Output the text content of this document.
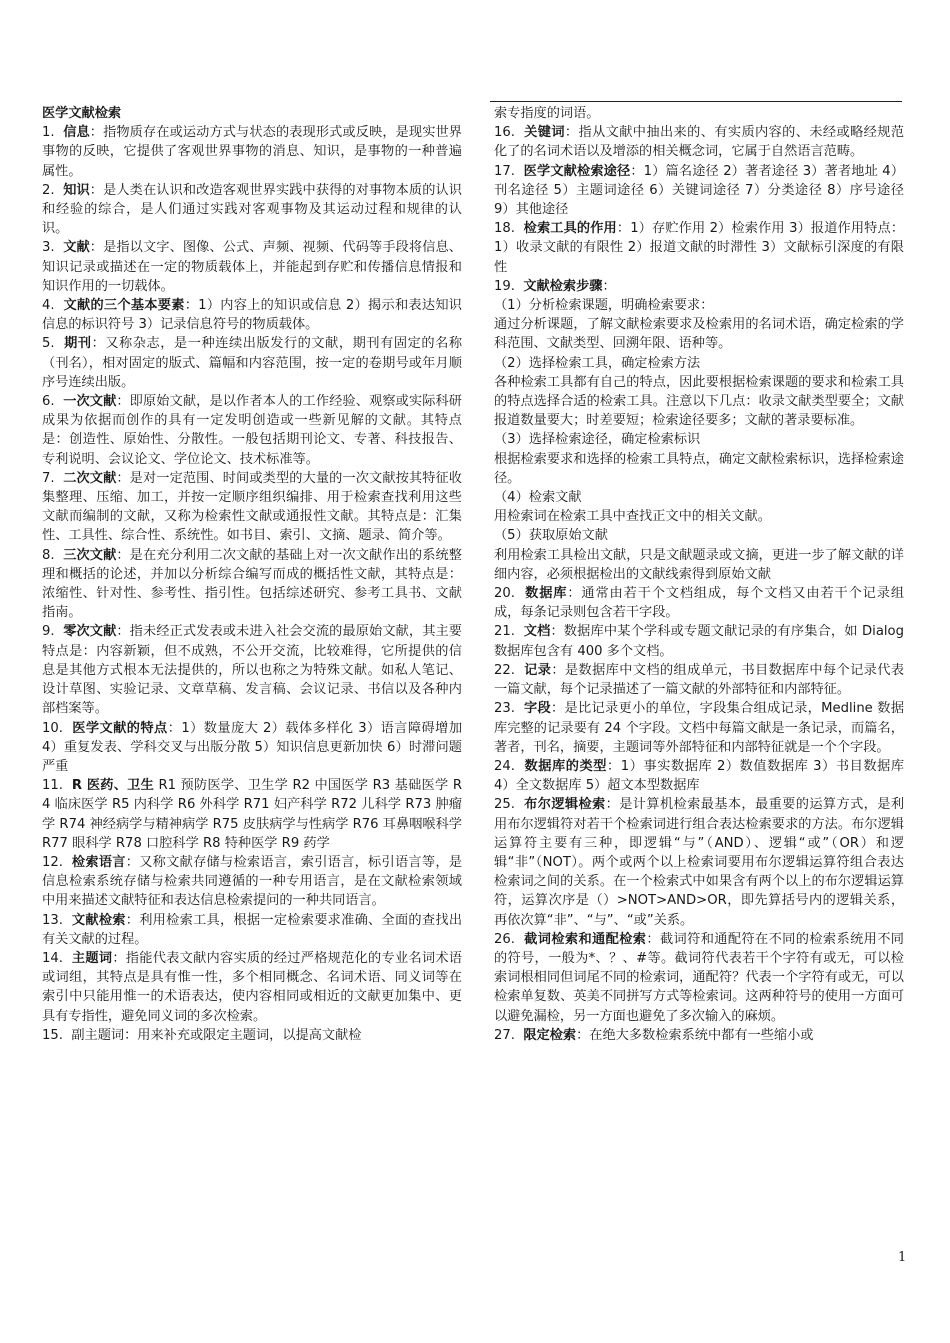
医学文献检索

1. 信息：指物质存在或运动方式与状态的表现形式或反映，是现实世界事物的反映，它提供了客观世界事物的消息、知识，是事物的一种普遍属性。

2. 知识：是人类在认识和改造客观世界实践中获得的对事物本质的认识和经验的综合，是人们通过实践对客观事物及其运动过程和规律的认识。

3. 文献：是指以文字、图像、公式、声频、视频、代码等手段将信息、知识记录或描述在一定的物质载体上，并能起到存贮和传播信息情报和知识作用的一切载体。

4. 文献的三个基本要素：1）内容上的知识或信息 2）揭示和表达知识信息的标识符号 3）记录信息符号的物质载体。

5. 期刊：又称杂志，是一种连续出版发行的文献，期刊有固定的名称（刊名），相对固定的版式、篇幅和内容范围，按一定的卷期号或年月顺序号连续出版。

6. 一次文献：即原始文献，是以作者本人的工作经验、观察或实际科研成果为依据而创作的具有一定发明创造或一些新见解的文献。其特点是：创造性、原始性、分散性。一般包括期刊论文、专著、科技报告、专利说明、会议论文、学位论文、技术标准等。

7. 二次文献：是对一定范围、时间或类型的大量的一次文献按其特征收集整理、压缩、加工，并按一定顺序组织编排、用于检索查找利用这些文献而编制的文献，又称为检索性文献或通报性文献。其特点是：汇集性、工具性、综合性、系统性。如书目、索引、文摘、题录、简介等。

8. 三次文献：是在充分利用二次文献的基础上对一次文献作出的系统整理和概括的论述，并加以分析综合编写而成的概括性文献，其特点是：浓缩性、针对性、参考性、指引性。包括综述研究、参考工具书、文献指南。

9. 零次文献：指未经正式发表或未进入社会交流的最原始文献，其主要特点是：内容新颖，但不成熟，不公开交流，比较难得，它所提供的信息是其他方式根本无法提供的，所以也称之为特殊文献。如私人笔记、设计草图、实验记录、文章草稿、发言稿、会议记录、书信以及各种内部档案等。

10. 医学文献的特点：1）数量庞大 2）载体多样化 3）语言障碍增加 4）重复发表、学科交叉与出版分散 5）知识信息更新加快 6）时滞问题严重

11. R 医药、卫生 R1 预防医学、卫生学 R2 中国医学 R3 基础医学 R4 临床医学 R5 内科学 R6 外科学 R71 妇产科学 R72 儿科学 R73 肿瘤学 R74 神经病学与精神病学 R75 皮肤病学与性病学 R76 耳鼻咽喉科学 R77 眼科学 R78 口腔科学 R8 特种医学 R9 药学

12. 检索语言：又称文献存储与检索语言，索引语言，标引语言等，是信息检索系统存储与检索共同遵循的一种专用语言，是在文献检索领域中用来描述文献特征和表达信息检索提问的一种共同语言。

13. 文献检索：利用检索工具，根据一定检索要求准确、全面的查找出有关文献的过程。

14. 主题词：指能代表文献内容实质的经过严格规范化的专业名词术语或词组，其特点是具有惟一性，多个相同概念、名词术语、同义词等在索引中只能用惟一的术语表达，使内容相同或相近的文献更加集中、更具有专指性，避免同义词的多次检索。

15. 副主题词：用来补充或限定主题词，以提高文献检

索专指度的词语。

16. 关键词：指从文献中抽出来的、有实质内容的、未经或略经规范化了的名词术语以及增添的相关概念词，它属于自然语言范畴。

17. 医学文献检索途径：1）篇名途径 2）著者途径 3）著者地址 4）刊名途径 5）主题词途径 6）关键词途径 7）分类途径 8）序号途径 9）其他途径

18. 检索工具的作用：1）存贮作用 2）检索作用 3）报道作用特点：1）收录文献的有限性 2）报道文献的时滞性 3）文献标引深度的有限性

19. 文献检索步骤：

（1）分析检索课题，明确检索要求：

通过分析课题，了解文献检索要求及检索用的名词术语，确定检索的学科范围、文献类型、回溯年限、语种等。

（2）选择检索工具，确定检索方法

各种检索工具都有自己的特点，因此要根据检索课题的要求和检索工具的特点选择合适的检索工具。注意以下几点：收录文献类型要全；文献报道数量要大；时差要短；检索途径要多；文献的著录要标准。

（3）选择检索途径，确定检索标识

根据检索要求和选择的检索工具特点，确定文献检索标识，选择检索途径。

（4）检索文献

用检索词在检索工具中查找正文中的相关文献。

（5）获取原始文献

利用检索工具检出文献，只是文献题录或文摘，更进一步了解文献的详细内容，必须根据检出的文献线索得到原始文献

20. 数据库：通常由若干个文档组成，每个文档又由若干个记录组成，每条记录则包含若干字段。

21. 文档：数据库中某个学科或专题文献记录的有序集合，如 Dialog 数据库包含有 400 多个文档。

22. 记录：是数据库中文档的组成单元，书目数据库中每个记录代表一篇文献，每个记录描述了一篇文献的外部特征和内部特征。

23. 字段：是比记录更小的单位，字段集合组成记录，Medline 数据库完整的记录要有 24 个字段。文档中每篇文献是一条记录，而篇名，著者，刊名，摘要，主题词等外部特征和内部特征就是一个个字段。

24. 数据库的类型：1）事实数据库 2）数值数据库 3）书目数据库 4）全文数据库 5）超文本型数据库

25. 布尔逻辑检索：是计算机检索最基本，最重要的运算方式，是利用布尔逻辑符对若干个检索词进行组合表达检索要求的方法。布尔逻辑运算符主要有三种，即逻辑“与”（AND）、逻辑“或”（OR）和逻辑“非”（NOT）。两个或两个以上检索词要用布尔逻辑运算符组合表达检索词之间的关系。在一个检索式中如果含有两个以上的布尔逻辑运算符，运算次序是（）>NOT>AND>OR，即先算括号内的逻辑关系，再依次算“非”、“与”、“或”关系。

26. 截词检索和通配检索：截词符和通配符在不同的检索系统用不同的符号，一般为*、？、#等。截词符代表若干个字符有或无，可以检索词根相同但词尾不同的检索词，通配符？代表一个字符有或无，可以检索单复数、英美不同拼写方式等检索词。这两种符号的使用一方面可以避免漏检，另一方面也避免了多次输入的麻烦。

27. 限定检索：在绝大多数检索系统中都有一些缩小或

1
